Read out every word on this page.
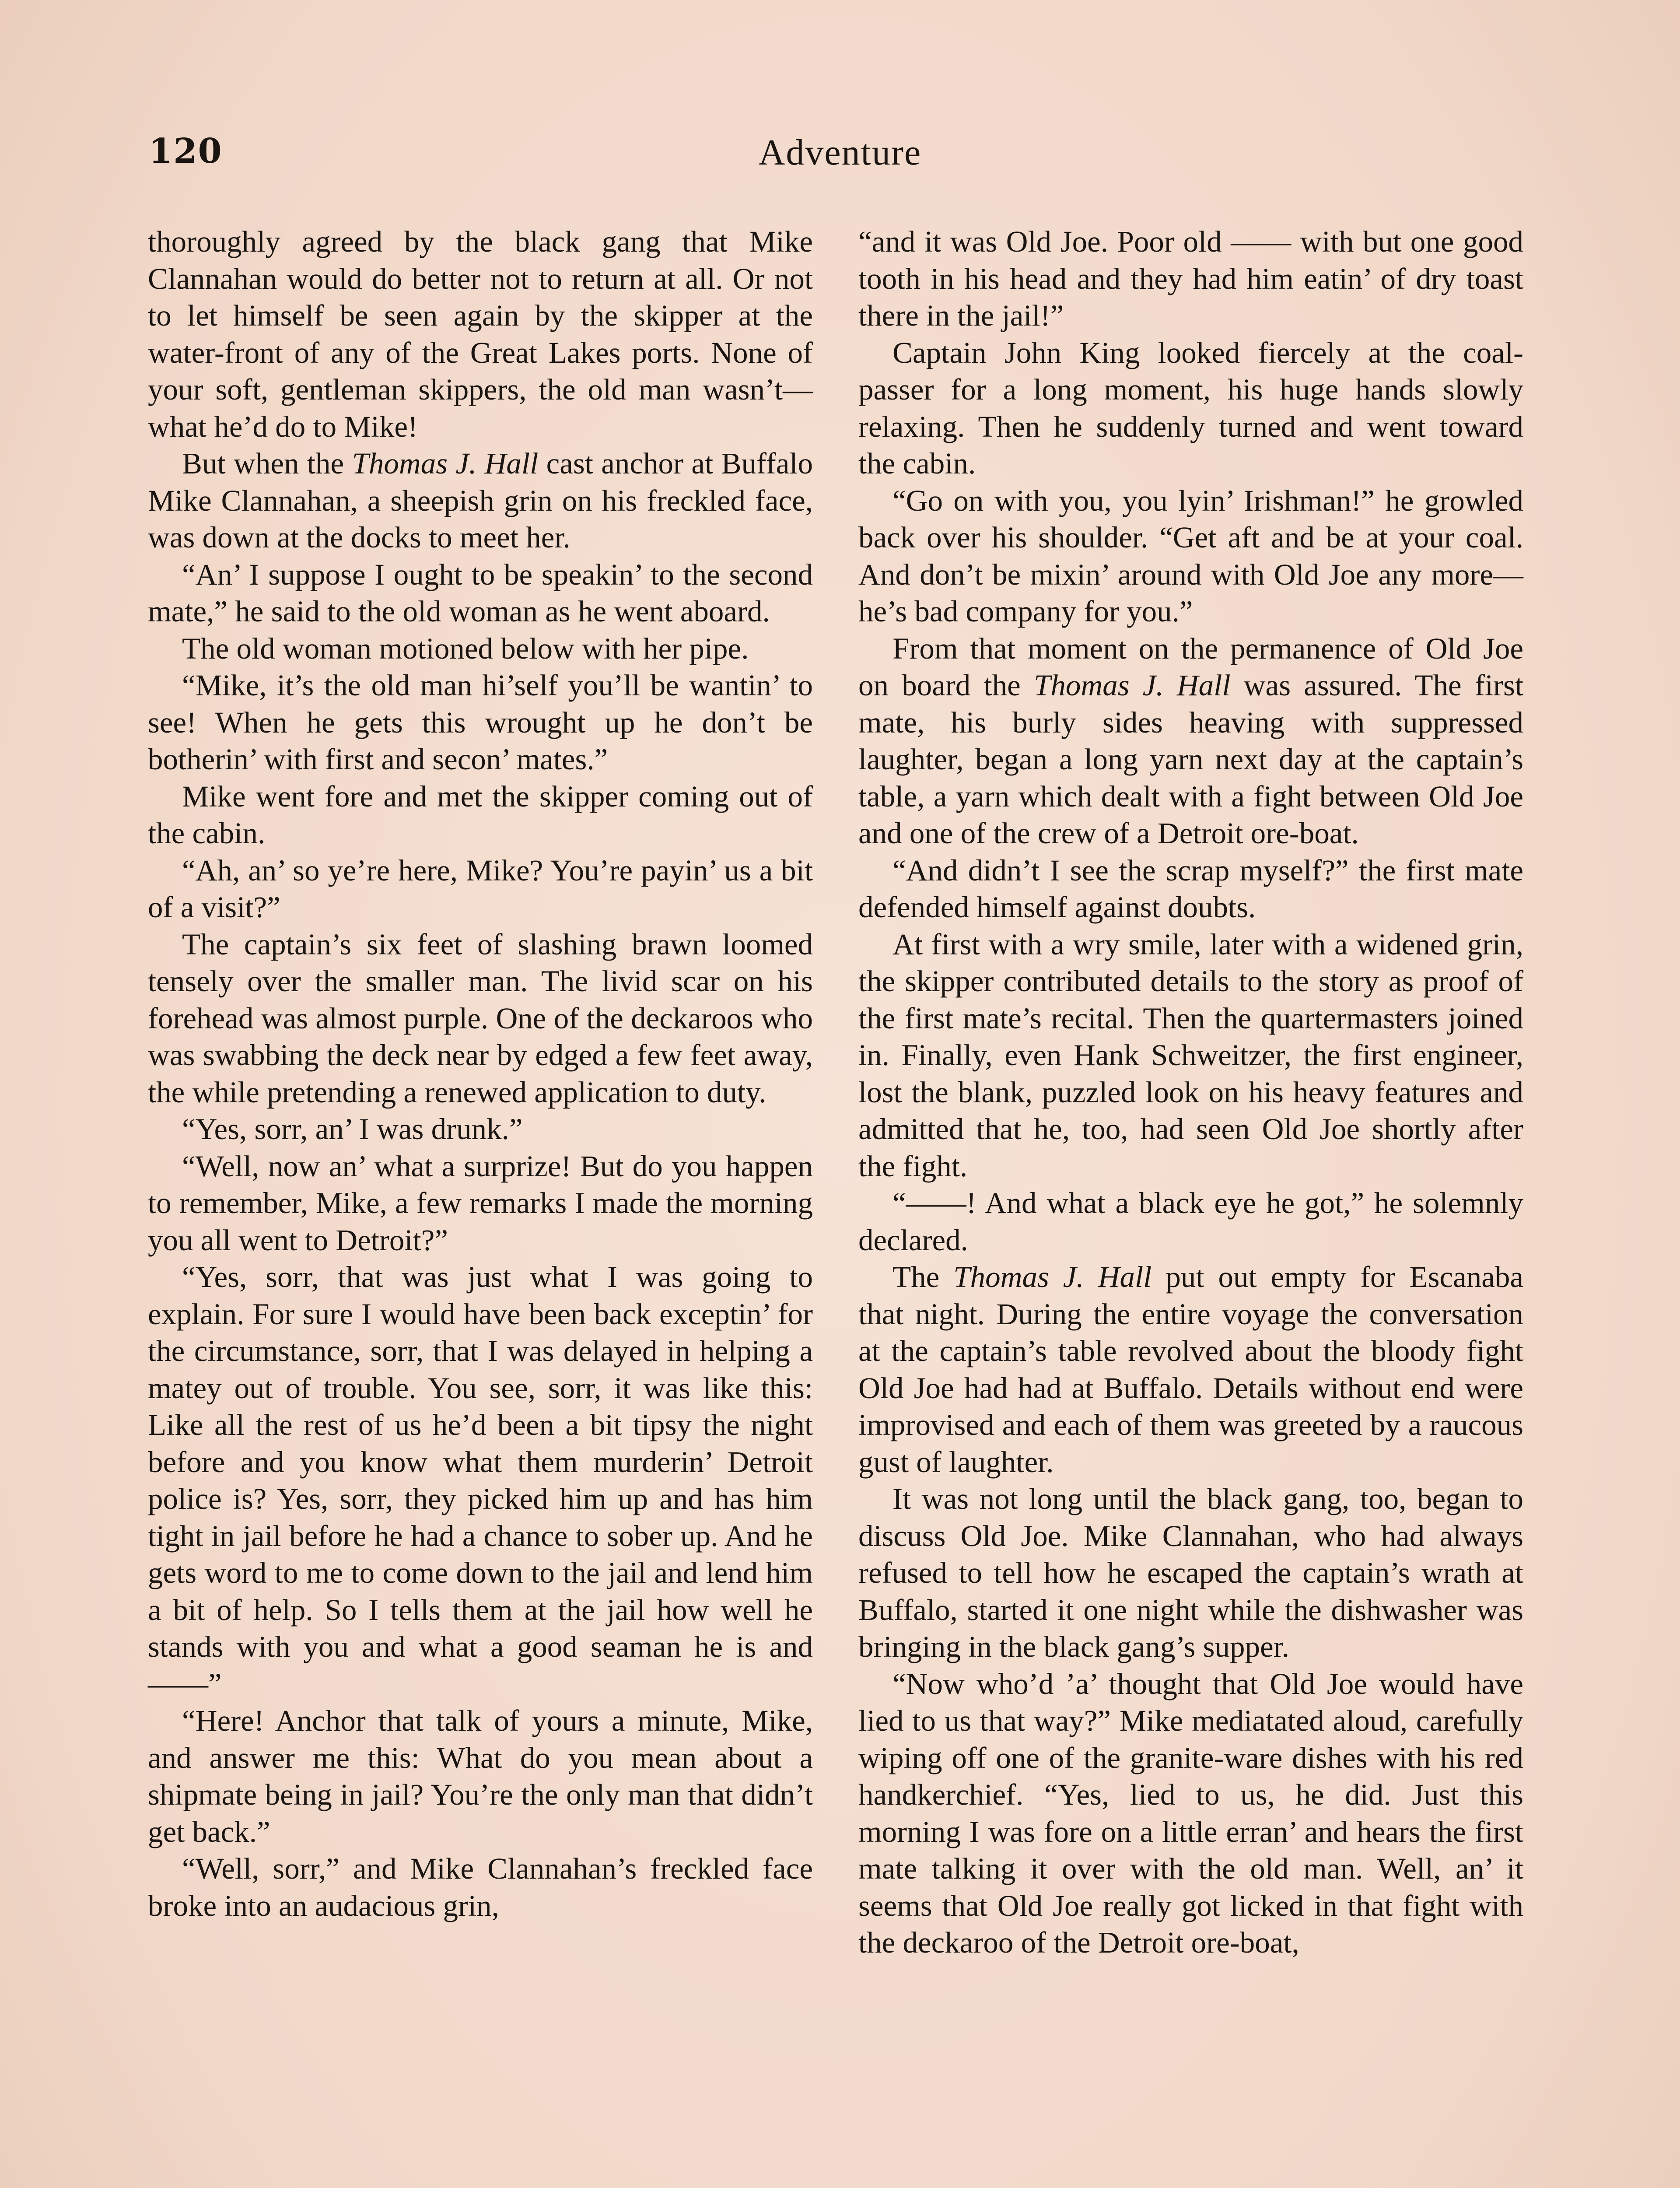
120	Adventure

thoroughly agreed by the black gang that Mike Clannahan would do better not to return at all. Or not to let himself be seen again by the skipper at the water-front of any of the Great Lakes ports. None of your soft, gentleman skippers, the old man wasn’t—what he’d do to Mike!

But when the Thomas J. Hall cast anchor at Buffalo Mike Clannahan, a sheepish grin on his freckled face, was down at the docks to meet her.

“An’ I suppose I ought to be speakin’ to the second mate,” he said to the old woman as he went aboard.

The old woman motioned below with her pipe.

“Mike, it’s the old man hi’self you’ll be wantin’ to see! When he gets this wrought up he don’t be botherin’ with first and secon’ mates.”

Mike went fore and met the skipper coming out of the cabin.

“Ah, an’ so ye’re here, Mike? You’re payin’ us a bit of a visit?”

The captain’s six feet of slashing brawn loomed tensely over the smaller man. The livid scar on his forehead was almost purple. One of the deckaroos who was swabbing the deck near by edged a few feet away, the while pretending a renewed application to duty.

“Yes, sorr, an’ I was drunk.”

“Well, now an’ what a surprize! But do you happen to remember, Mike, a few remarks I made the morning you all went to Detroit?”

“Yes, sorr, that was just what I was going to explain. For sure I would have been back exceptin’ for the circumstance, sorr, that I was delayed in helping a matey out of trouble. You see, sorr, it was like this: Like all the rest of us he’d been a bit tipsy the night before and you know what them murderin’ Detroit police is? Yes, sorr, they picked him up and has him tight in jail before he had a chance to sober up. And he gets word to me to come down to the jail and lend him a bit of help. So I tells them at the jail how well he stands with you and what a good seaman he is and——”

“Here! Anchor that talk of yours a minute, Mike, and answer me this: What do you mean about a shipmate being in jail? You’re the only man that didn’t get back.”

“Well, sorr,” and Mike Clannahan’s freckled face broke into an audacious grin,

“and it was Old Joe. Poor old —— with but one good tooth in his head and they had him eatin’ of dry toast there in the jail!”

Captain John King looked fiercely at the coal-passer for a long moment, his huge hands slowly relaxing. Then he suddenly turned and went toward the cabin.

“Go on with you, you lyin’ Irishman!” he growled back over his shoulder. “Get aft and be at your coal. And don’t be mixin’ around with Old Joe any more—he’s bad company for you.”

From that moment on the permanence of Old Joe on board the Thomas J. Hall was assured. The first mate, his burly sides heaving with suppressed laughter, began a long yarn next day at the captain’s table, a yarn which dealt with a fight between Old Joe and one of the crew of a Detroit ore-boat.

“And didn’t I see the scrap myself?” the first mate defended himself against doubts.

At first with a wry smile, later with a widened grin, the skipper contributed details to the story as proof of the first mate’s recital. Then the quartermasters joined in. Finally, even Hank Schweitzer, the first engineer, lost the blank, puzzled look on his heavy features and admitted that he, too, had seen Old Joe shortly after the fight.

“——! And what a black eye he got,” he solemnly declared.

The Thomas J. Hall put out empty for Escanaba that night. During the entire voyage the conversation at the captain’s table revolved about the bloody fight Old Joe had had at Buffalo. Details without end were improvised and each of them was greeted by a raucous gust of laughter.

It was not long until the black gang, too, began to discuss Old Joe. Mike Clannahan, who had always refused to tell how he escaped the captain’s wrath at Buffalo, started it one night while the dishwasher was bringing in the black gang’s supper.

“Now who’d ’a’ thought that Old Joe would have lied to us that way?” Mike mediatated aloud, carefully wiping off one of the granite-ware dishes with his red handkerchief. “Yes, lied to us, he did. Just this morning I was fore on a little erran’ and hears the first mate talking it over with the old man. Well, an’ it seems that Old Joe really got licked in that fight with the deckaroo of the Detroit ore-boat,
